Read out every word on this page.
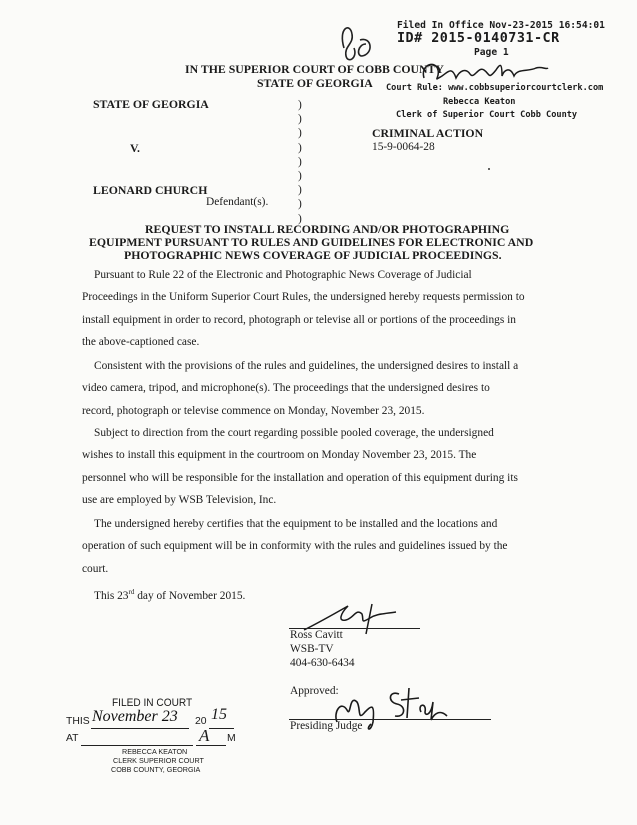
Filed In Office Nov-23-2015 16:54:01
ID# 2015-0140731-CR
Page 1
Court Rule: www.cobbsuperiorcourtclerk.com
Rebecca Keaton
Clerk of Superior Court Cobb County
IN THE SUPERIOR COURT OF COBB COUNTY
STATE OF GEORGIA
STATE OF GEORGIA
V.
LEONARD CHURCH
Defendant(s).
)
)
)
)
)
)
)
)
)
CRIMINAL ACTION
15-9-0064-28
REQUEST TO INSTALL RECORDING AND/OR PHOTOGRAPHING
EQUIPMENT PURSUANT TO RULES AND GUIDELINES FOR ELECTRONIC AND
PHOTOGRAPHIC NEWS COVERAGE OF JUDICIAL PROCEEDINGS.
Pursuant to Rule 22 of the Electronic and Photographic News Coverage of Judicial
Proceedings in the Uniform Superior Court Rules, the undersigned hereby requests permission to
install equipment in order to record, photograph or televise all or portions of the proceedings in
the above-captioned case.
Consistent with the provisions of the rules and guidelines, the undersigned desires to install a
video camera, tripod, and microphone(s). The proceedings that the undersigned desires to
record, photograph or televise commence on Monday, November 23, 2015.
Subject to direction from the court regarding possible pooled coverage, the undersigned
wishes to install this equipment in the courtroom on Monday November 23, 2015. The
personnel who will be responsible for the installation and operation of this equipment during its
use are employed by WSB Television, Inc.
The undersigned hereby certifies that the equipment to be installed and the locations and
operation of such equipment will be in conformity with the rules and guidelines issued by the
court.
This 23rd day of November 2015.
Ross Cavitt
WSB-TV
404-630-6434
Approved:
Presiding Judge
FILED IN COURT
THIS November 23 20 15
AT	A M
REBECCA KEATON
CLERK SUPERIOR COURT
COBB COUNTY, GEORGIA
